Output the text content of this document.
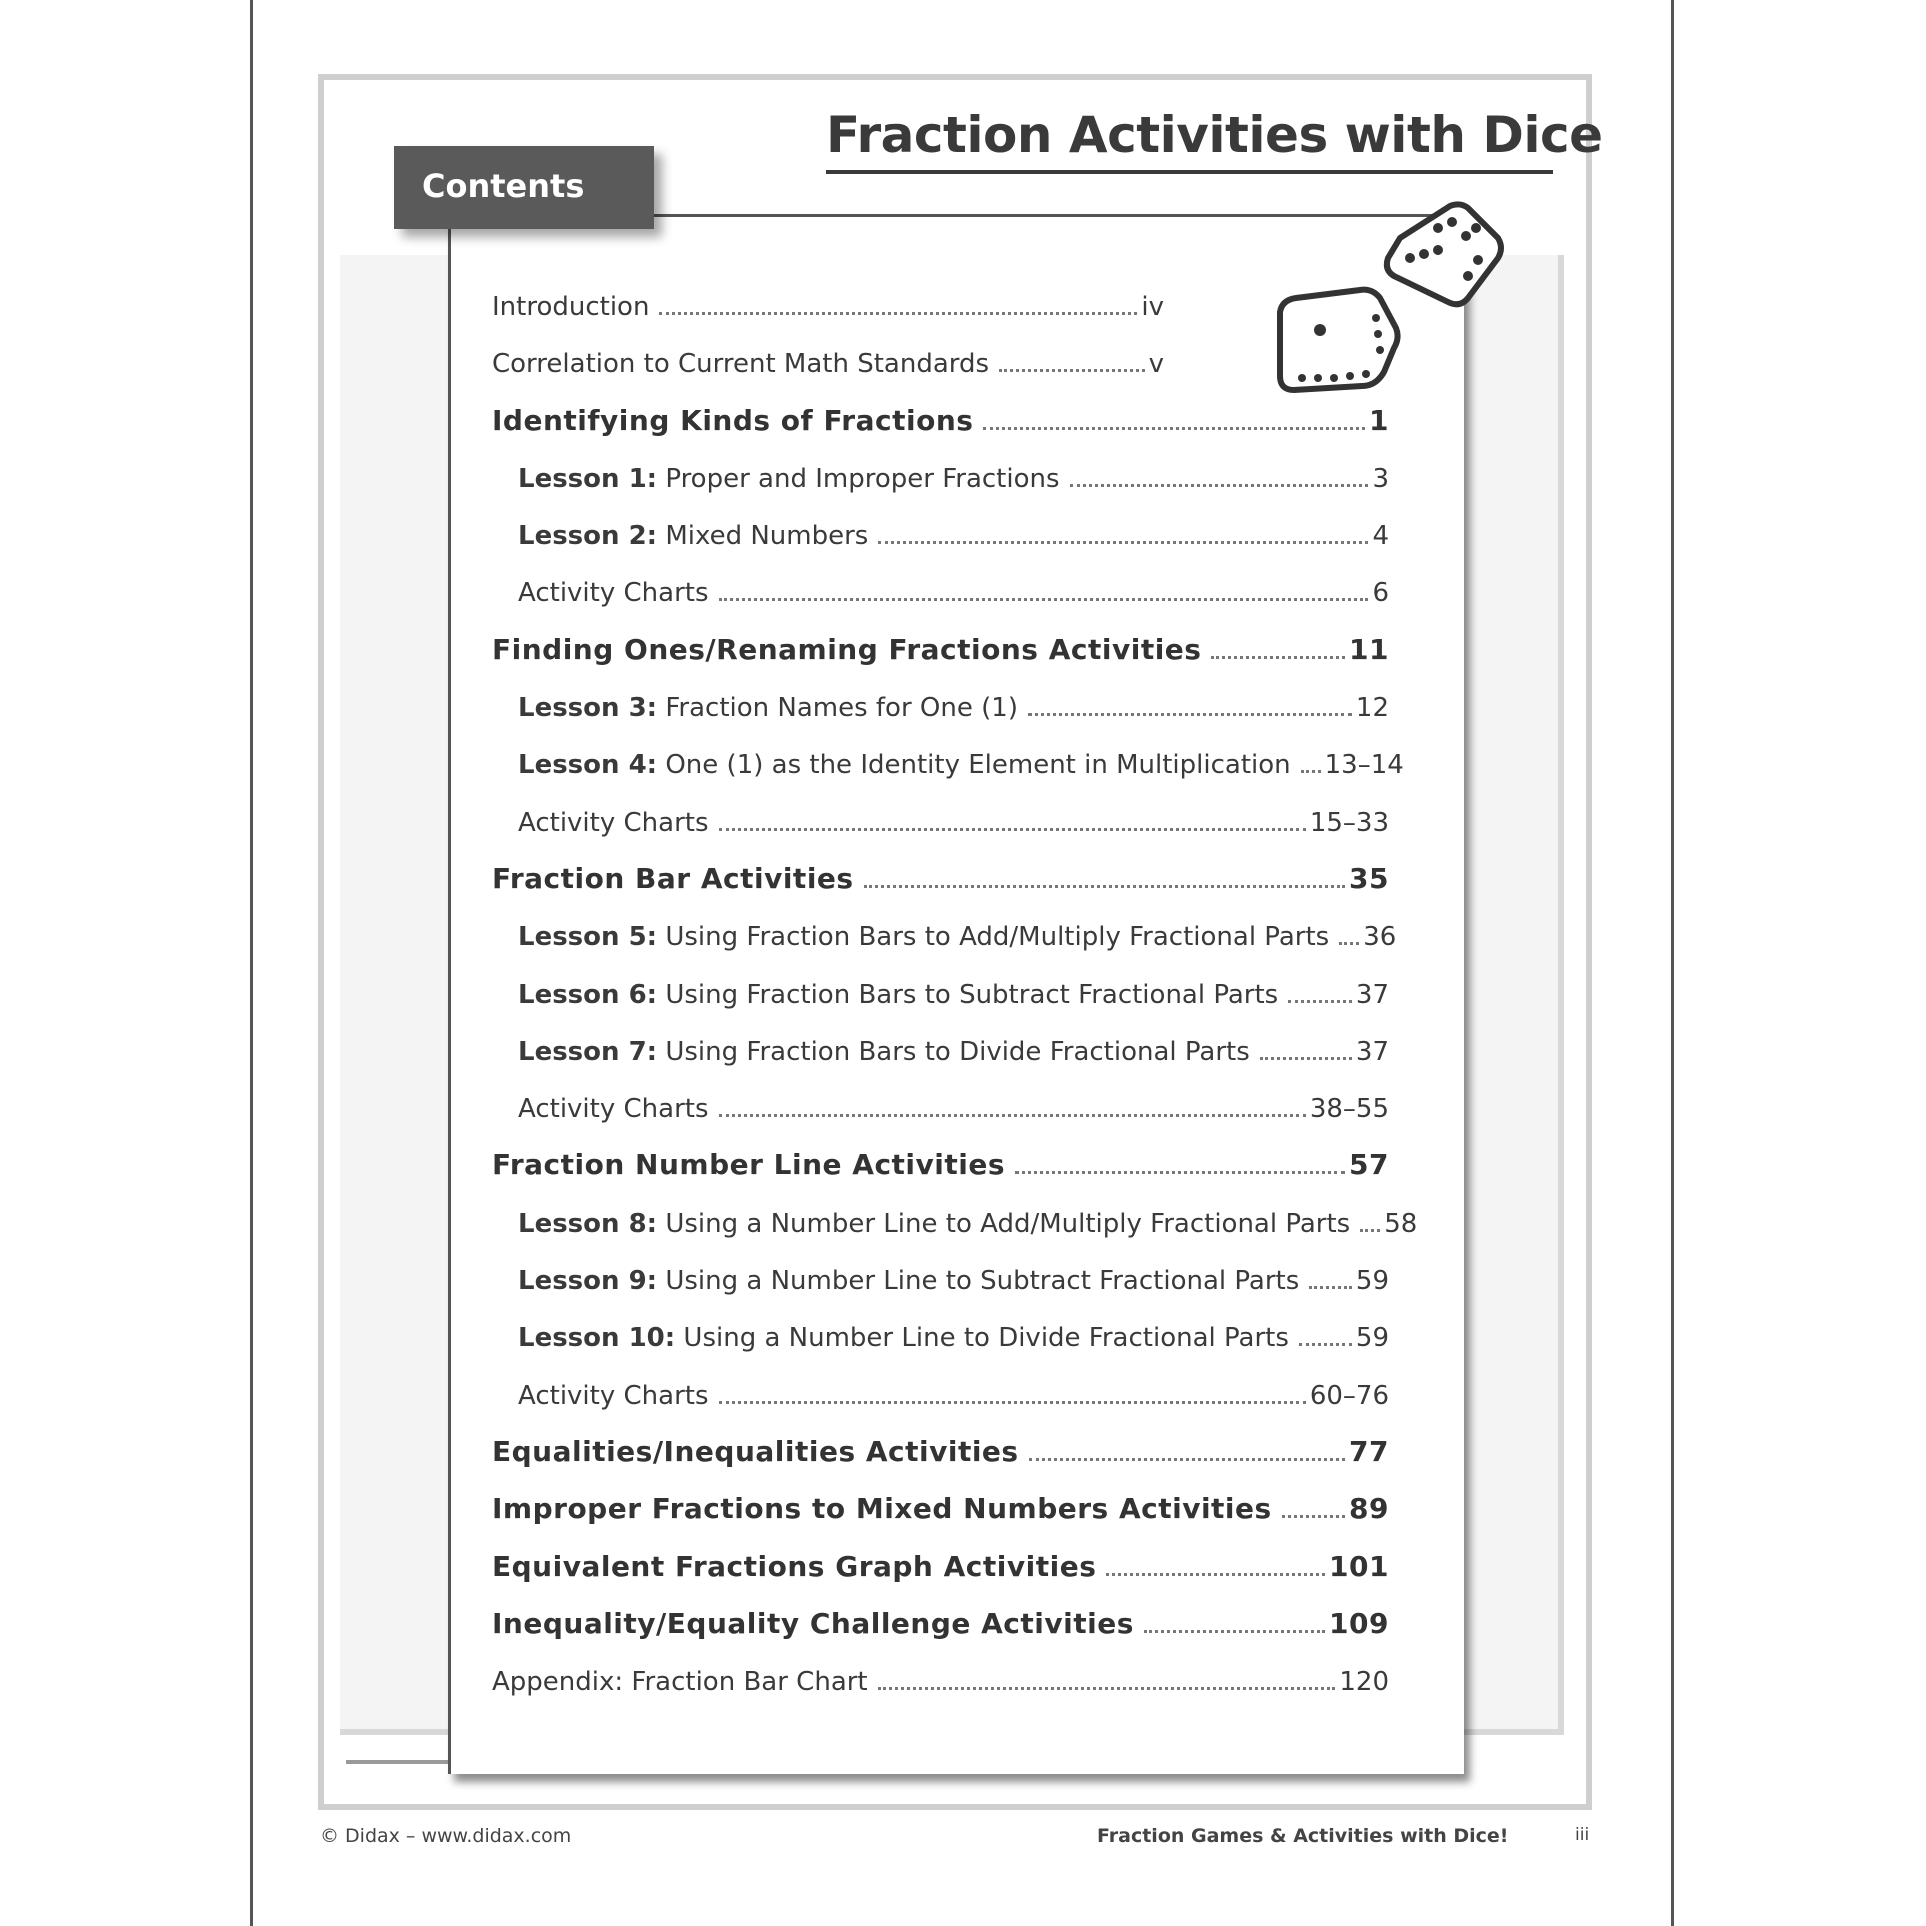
Fraction Activities with Dice
Contents
Introduction	iv
Correlation to Current Math Standards	v
Identifying Kinds of Fractions	1
Lesson 1:
Proper and Improper Fractions	3
Lesson 2:
Mixed Numbers	4
Activity Charts	6
Finding Ones/Renaming Fractions Activities	11
Lesson 3:
Fraction Names for One (1)	12
Lesson 4:
One (1) as the Identity Element in Multiplication 13–14
Activity Charts	15–33
Fraction Bar Activities	35
Lesson 5:
Using Fraction Bars to Add/Multiply Fractional Parts 36
Lesson 6:
Using Fraction Bars to Subtract Fractional Parts	37
Lesson 7:
Using Fraction Bars to Divide Fractional Parts	37
Activity Charts	38–55
Fraction Number Line Activities	57
Lesson 8:
Using a Number Line to Add/Multiply Fractional Parts 58
Lesson 9:
Using a Number Line to Subtract Fractional Parts 59
Lesson 10:
Using a Number Line to Divide Fractional Parts	59
Activity Charts	60–76
Equalities/Inequalities Activities	77
Improper Fractions to Mixed Numbers Activities	89
Equivalent Fractions Graph Activities	101
Inequality/Equality Challenge Activities	109
Appendix: Fraction Bar Chart	120
© Didax – www.didax.com	Fraction Games & Activities with Dice!	iii
